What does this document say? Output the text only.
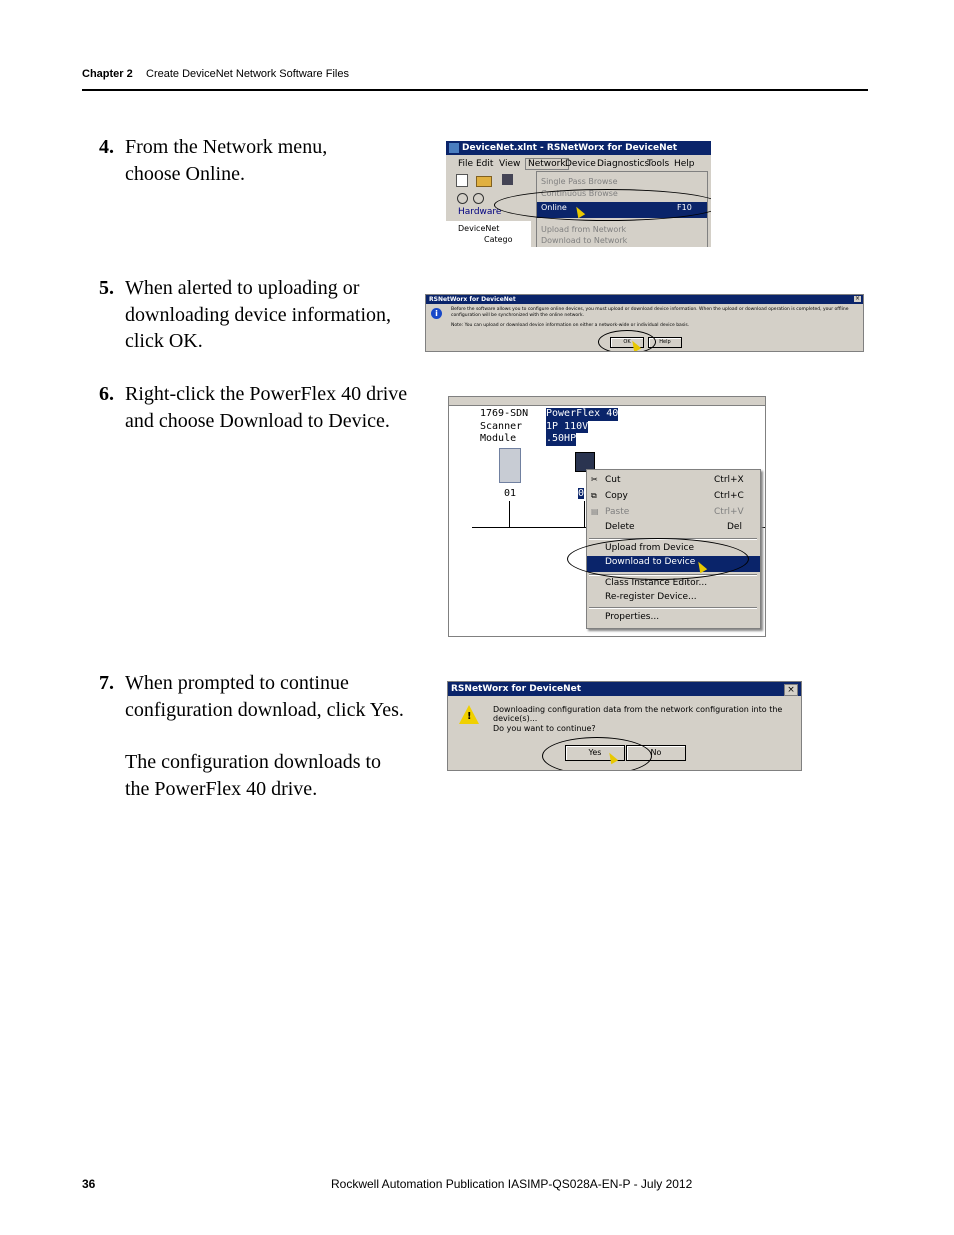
Chapter 2 Create DeviceNet Network Software Files
4. From the Network menu,

choose Online.

5. When alerted to uploading or

downloading device information,

click OK.

6. Right-click the PowerFlex 40 drive

and choose Download to Device.

7. When prompted to continue

configuration download, click Yes.

The configuration downloads to

the PowerFlex 40 drive.

DeviceNet.xlnt - RSNetWorx for DeviceNet
File Edit View Network Device Diagnostics
Tools Help
Hardware
DeviceNet
Catego
Single Pass Browse
Continuous Browse
Online	F10
Upload from Network
Download to Network
RSNetWorx for DeviceNet	×
i	Before the software allows you to configure online devices, you must upload or download device information. When the upload or download operation is completed, your offline configuration will be synchronized with the online network.
Note: You can upload or download device information on either a network-wide or individual device basis.
OK	Help
1769-SDN
Scanner
Module
PowerFlex 40
1P 110V
.50HP
01	0
✂ Cut	Ctrl+X
⧉ Copy	Ctrl+C
▤ Paste	Ctrl+V
Delete	Del
Upload from Device
Download to Device
Class Instance Editor...
Re-register Device...
Properties...
RSNetWorx for DeviceNet	×
!
Downloading configuration data from the network configuration into the device(s)...
Do you want to continue?
Yes	No
36	Rockwell Automation Publication IASIMP-QS028A-EN-P - July 2012
